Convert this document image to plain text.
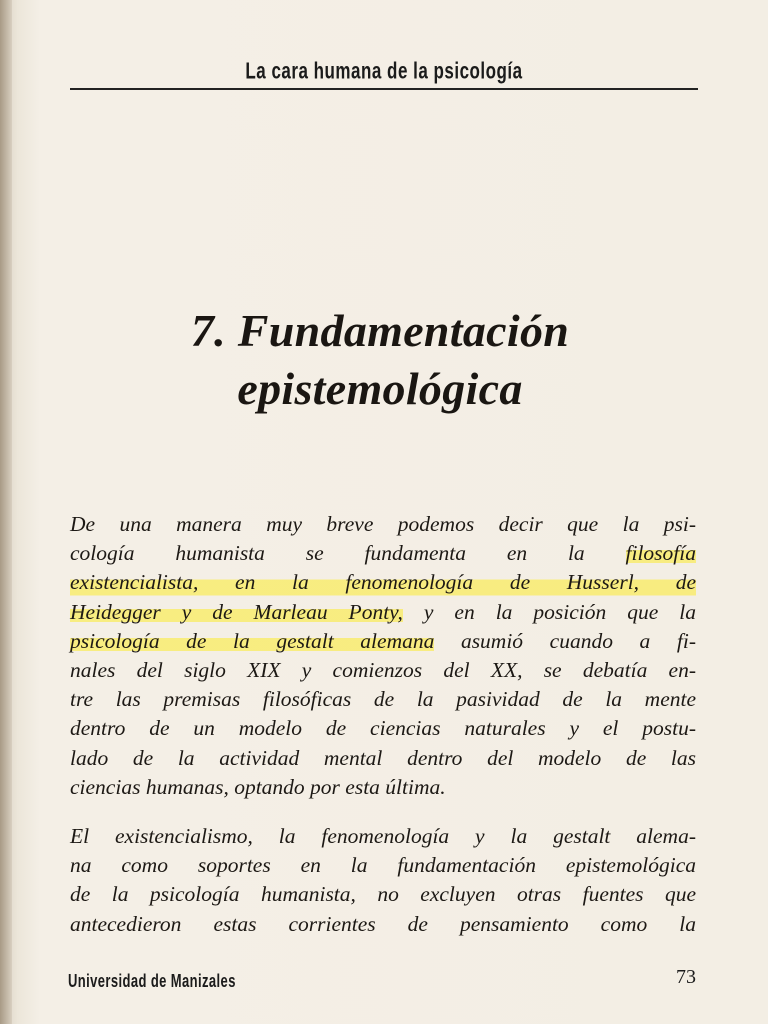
La cara humana de la psicología
7. Fundamentación
epistemológica
De una manera muy breve podemos decir que la psi-
cología humanista se fundamenta en la filosofía
existencialista, en la fenomenología de Husserl, de
Heidegger y de Marleau Ponty, y en la posición que la
psicología de la gestalt alemana asumió cuando a fi-
nales del siglo XIX y comienzos del XX, se debatía en-
tre las premisas filosóficas de la pasividad de la mente
dentro de un modelo de ciencias naturales y el postu-
lado de la actividad mental dentro del modelo de las
ciencias humanas, optando por esta última.
El existencialismo, la fenomenología y la gestalt alema-
na como soportes en la fundamentación epistemológica
de la psicología humanista, no excluyen otras fuentes que
antecedieron estas corrientes de pensamiento como la
Universidad de Manizales	73
